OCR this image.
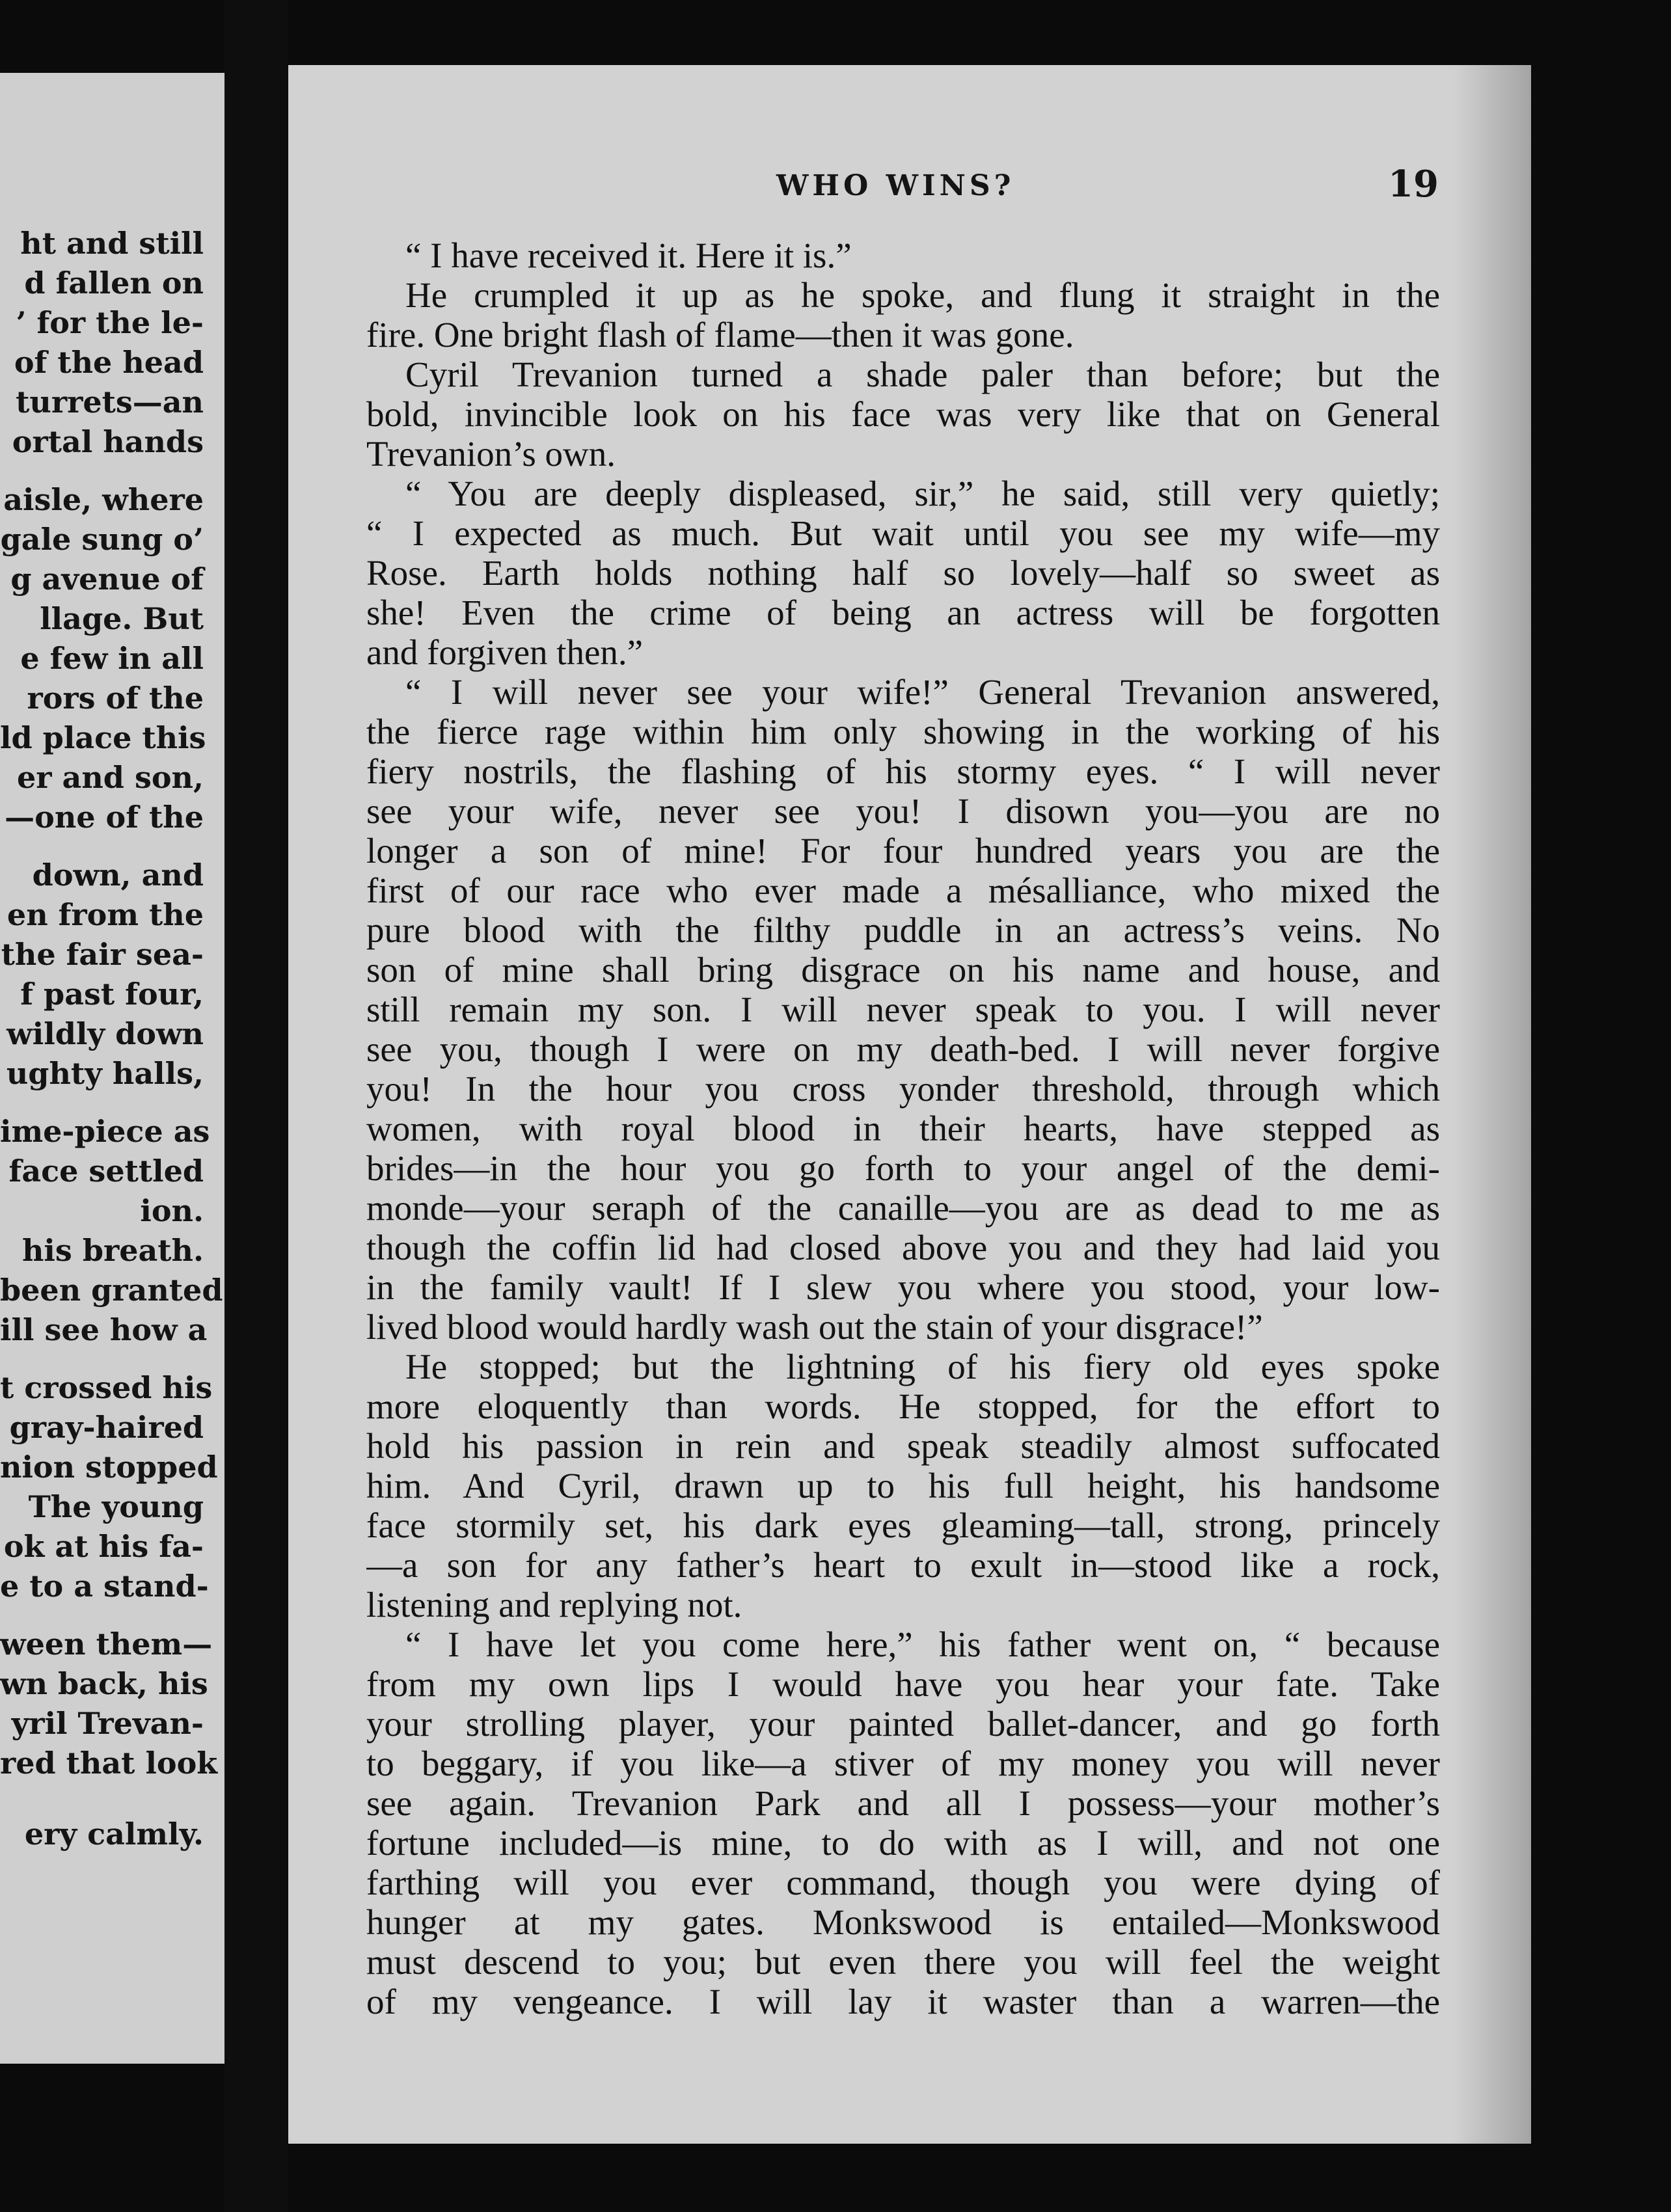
ht and still
d fallen on
’ for the le-
of the head
turrets—an
ortal hands
aisle, where
gale sung o’
g avenue of
llage. But
e few in all
rors of the
ld place this
er and son,
—one of the
down, and
en from the
the fair sea-
f past four,
wildly down
ughty halls,
ime-piece as
face settled
ion.
his breath.
been granted
ill see how a
t crossed his
gray-haired
nion stopped
The young
ok at his fa-
e to a stand-
ween them—
wn back, his
yril Trevan-
red that look
ery calmly.
WHO WINS?	19
“ I have received it. Here it is.”
He crumpled it up as he spoke, and flung it straight in the
fire. One bright flash of flame—then it was gone.
Cyril Trevanion turned a shade paler than before; but the
bold, invincible look on his face was very like that on General
Trevanion’s own.
“ You are deeply displeased, sir,” he said, still very quietly;
“ I expected as much. But wait until you see my wife—my
Rose. Earth holds nothing half so lovely—half so sweet as
she! Even the crime of being an actress will be forgotten
and forgiven then.”
“ I will never see your wife!” General Trevanion answered,
the fierce rage within him only showing in the working of his
fiery nostrils, the flashing of his stormy eyes. “ I will never
see your wife, never see you! I disown you—you are no
longer a son of mine! For four hundred years you are the
first of our race who ever made a mésalliance, who mixed the
pure blood with the filthy puddle in an actress’s veins. No
son of mine shall bring disgrace on his name and house, and
still remain my son. I will never speak to you. I will never
see you, though I were on my death-bed. I will never forgive
you! In the hour you cross yonder threshold, through which
women, with royal blood in their hearts, have stepped as
brides—in the hour you go forth to your angel of the demi-
monde—your seraph of the canaille—you are as dead to me as
though the coffin lid had closed above you and they had laid you
in the family vault! If I slew you where you stood, your low-
lived blood would hardly wash out the stain of your disgrace!”
He stopped; but the lightning of his fiery old eyes spoke
more eloquently than words. He stopped, for the effort to
hold his passion in rein and speak steadily almost suffocated
him. And Cyril, drawn up to his full height, his handsome
face stormily set, his dark eyes gleaming—tall, strong, princely
—a son for any father’s heart to exult in—stood like a rock,
listening and replying not.
“ I have let you come here,” his father went on, “ because
from my own lips I would have you hear your fate. Take
your strolling player, your painted ballet-dancer, and go forth
to beggary, if you like—a stiver of my money you will never
see again. Trevanion Park and all I possess—your mother’s
fortune included—is mine, to do with as I will, and not one
farthing will you ever command, though you were dying of
hunger at my gates. Monkswood is entailed—Monkswood
must descend to you; but even there you will feel the weight
of my vengeance. I will lay it waster than a warren—the
